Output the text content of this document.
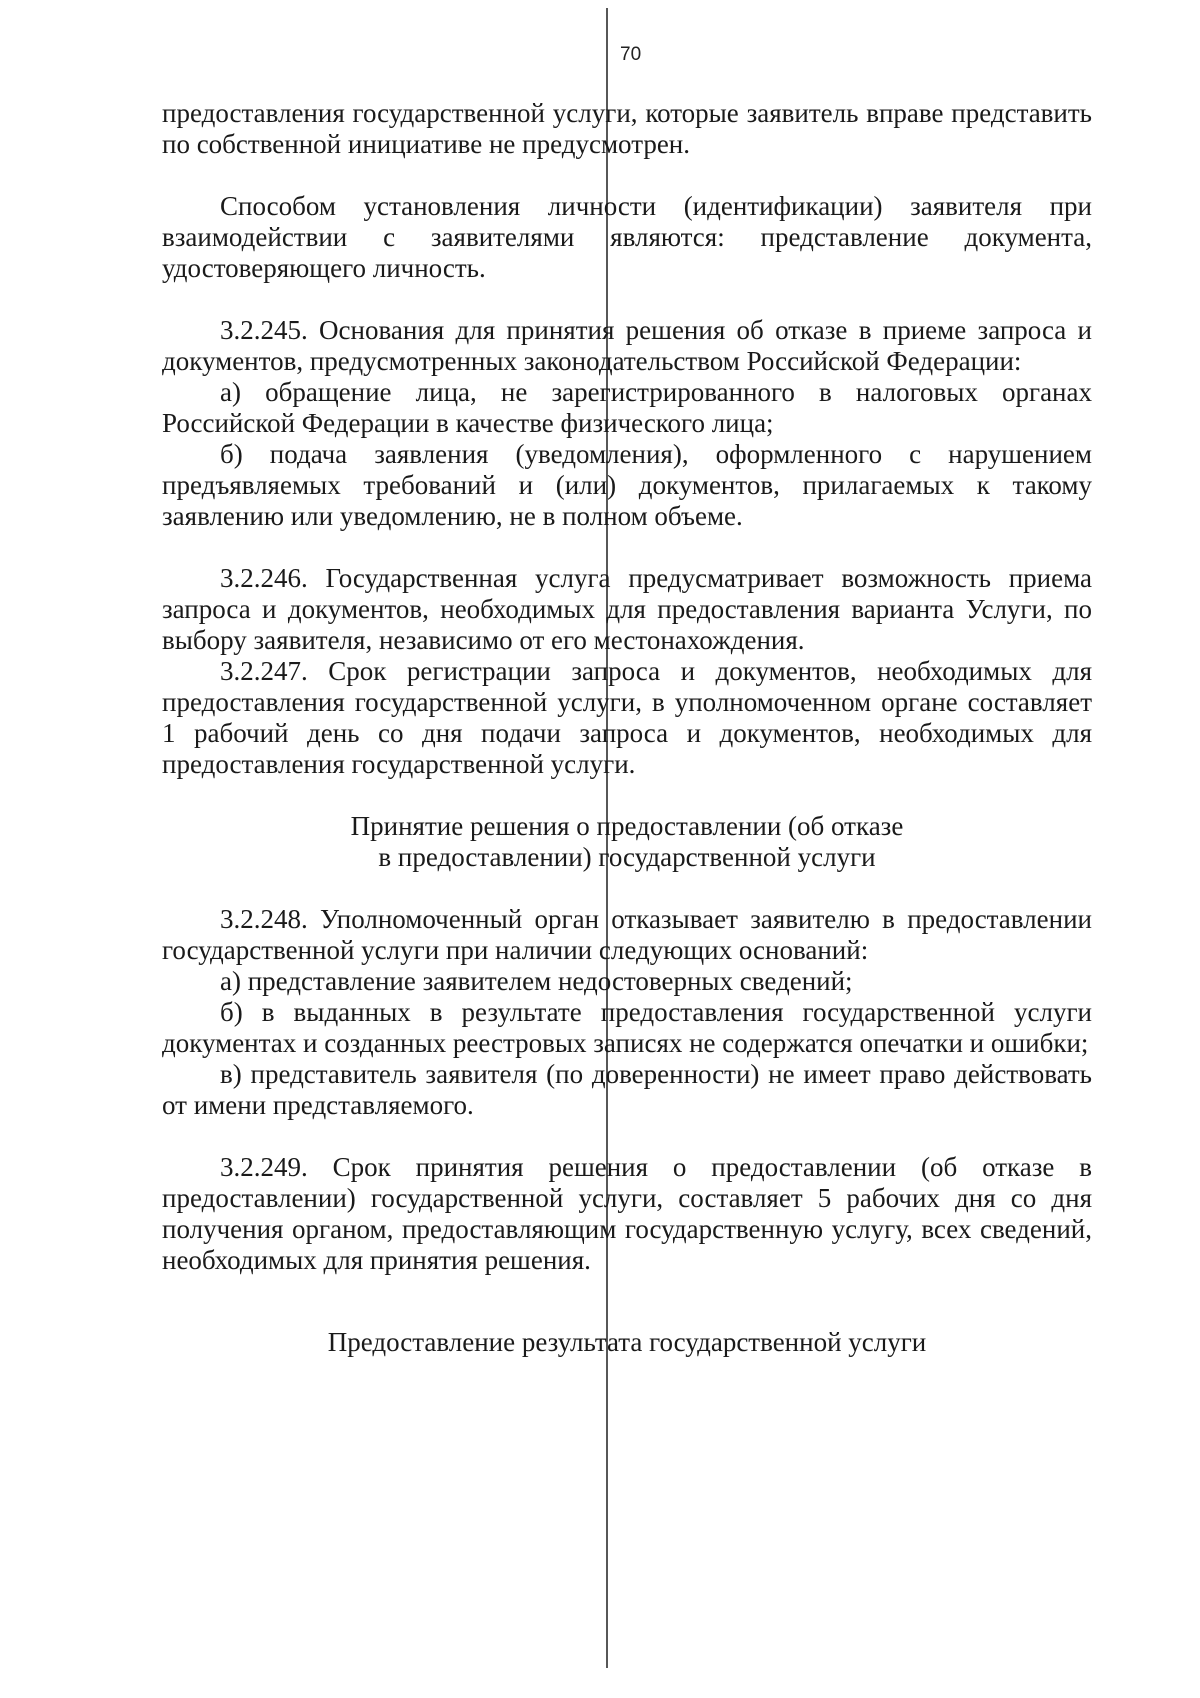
70

предоставления государственной услуги, которые заявитель вправе представить по собственной инициативе не предусмотрен.

Способом установления личности (идентификации) заявителя при взаимодействии с заявителями являются: представление документа, удостоверяющего личность.

3.2.245. Основания для принятия решения об отказе в приеме запроса и документов, предусмотренных законодательством Российской Федерации:

а) обращение лица, не зарегистрированного в налоговых органах Российской Федерации в качестве физического лица;

б) подача заявления (уведомления), оформленного с нарушением предъявляемых требований и (или) документов, прилагаемых к такому заявлению или уведомлению, не в полном объеме.

3.2.246. Государственная услуга предусматривает возможность приема запроса и документов, необходимых для предоставления варианта Услуги, по выбору заявителя, независимо от его местонахождения.

3.2.247. Срок регистрации запроса и документов, необходимых для предоставления государственной услуги, в уполномоченном органе составляет 1 рабочий день со дня подачи запроса и документов, необходимых для предоставления государственной услуги.

Принятие решения о предоставлении (об отказе

в предоставлении) государственной услуги

3.2.248. Уполномоченный орган отказывает заявителю в предоставлении государственной услуги при наличии следующих оснований:

а) представление заявителем недостоверных сведений;

б) в выданных в результате предоставления государственной услуги документах и созданных реестровых записях не содержатся опечатки и ошибки;

в) представитель заявителя (по доверенности) не имеет право действовать от имени представляемого.

3.2.249. Срок принятия решения о предоставлении (об отказе в предоставлении) государственной услуги, составляет 5 рабочих дня со дня получения органом, предоставляющим государственную услугу, всех сведений, необходимых для принятия решения.

Предоставление результата государственной услуги
